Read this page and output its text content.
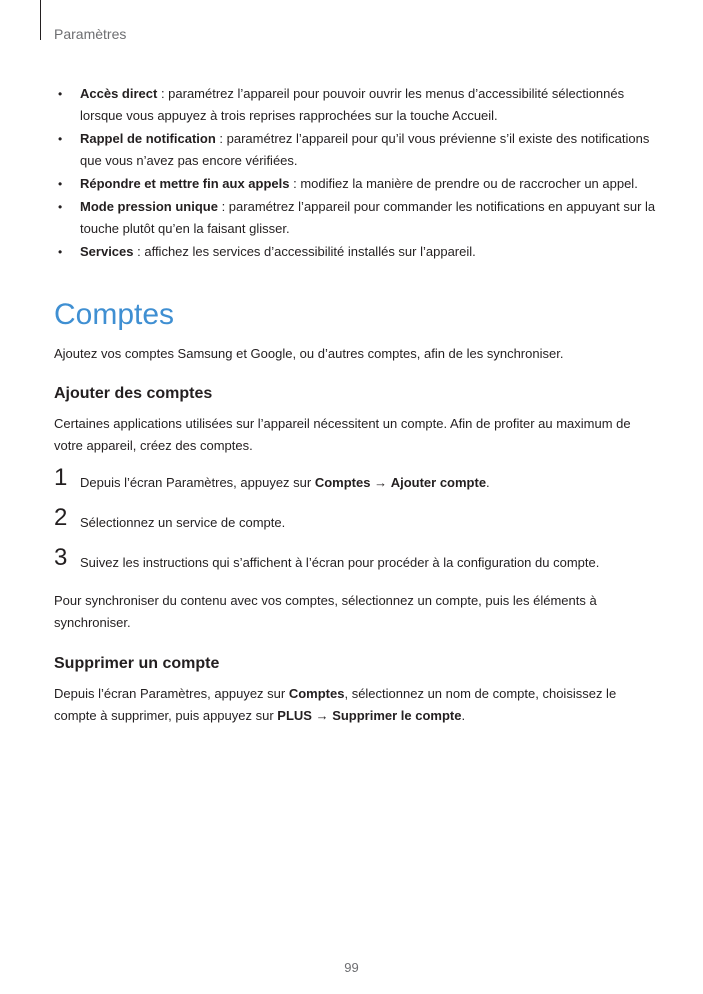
Paramètres
• Accès direct : paramétrez l’appareil pour pouvoir ouvrir les menus d’accessibilité sélectionnés lorsque vous appuyez à trois reprises rapprochées sur la touche Accueil.
• Rappel de notification : paramétrez l’appareil pour qu’il vous prévienne s’il existe des notifications que vous n’avez pas encore vérifiées.
• Répondre et mettre fin aux appels : modifiez la manière de prendre ou de raccrocher un appel.
• Mode pression unique : paramétrez l’appareil pour commander les notifications en appuyant sur la touche plutôt qu’en la faisant glisser.
• Services : affichez les services d’accessibilité installés sur l’appareil.
Comptes

Ajoutez vos comptes Samsung et Google, ou d’autres comptes, afin de les synchroniser.

Ajouter des comptes

Certaines applications utilisées sur l’appareil nécessitent un compte. Afin de profiter au maximum de votre appareil, créez des comptes.

1 Depuis l’écran Paramètres, appuyez sur Comptes → Ajouter compte.
2 Sélectionnez un service de compte.
3 Suivez les instructions qui s’affichent à l’écran pour procéder à la configuration du compte.

Pour synchroniser du contenu avec vos comptes, sélectionnez un compte, puis les éléments à synchroniser.

Supprimer un compte

Depuis l’écran Paramètres, appuyez sur Comptes, sélectionnez un nom de compte, choisissez le compte à supprimer, puis appuyez sur PLUS → Supprimer le compte.

99
